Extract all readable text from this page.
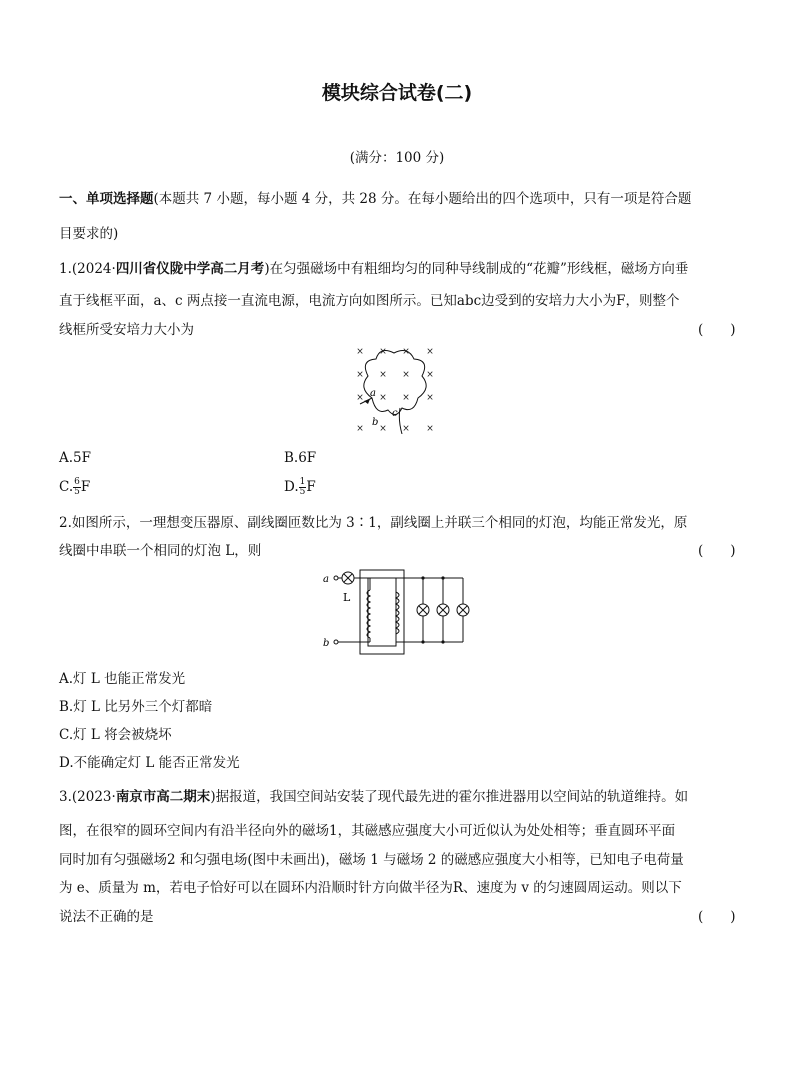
模块综合试卷(二)
(满分：100 分)
一、单项选择题(本题共 7 小题，每小题 4 分，共 28 分。在每小题给出的四个选项中，只有一项是符合题
目要求的)
1.(2024·四川省仪陇中学高二月考)在匀强磁场中有粗细均匀的同种导线制成的“花瓣”形线框，磁场方向垂
直于线框平面，a、c 两点接一直流电源，电流方向如图所示。已知abc边受到的安培力大小为F，则整个
线框所受安培力大小为	(　　)
× × × ×
× × × ×
× × × ×
× × × ×
a
b
c
A.5F	B.6F
C. $\frac{6}{5}$ F	D. $\frac{1}{5}$ F
2.如图所示，一理想变压器原、副线圈匝数比为 3∶1，副线圈上并联三个相同的灯泡，均能正常发光，原
线圈中串联一个相同的灯泡 L，则	(　　)
a
b
L
A.灯 L 也能正常发光
B.灯 L 比另外三个灯都暗
C.灯 L 将会被烧坏
D.不能确定灯 L 能否正常发光
3.(2023·南京市高二期末)据报道，我国空间站安装了现代最先进的霍尔推进器用以空间站的轨道维持。如
图，在很窄的圆环空间内有沿半径向外的磁场1，其磁感应强度大小可近似认为处处相等；垂直圆环平面
同时加有匀强磁场2 和匀强电场(图中未画出)，磁场 1 与磁场 2 的磁感应强度大小相等，已知电子电荷量
为 e、质量为 m，若电子恰好可以在圆环内沿顺时针方向做半径为R、速度为 v 的匀速圆周运动。则以下
说法不正确的是	(　　)
